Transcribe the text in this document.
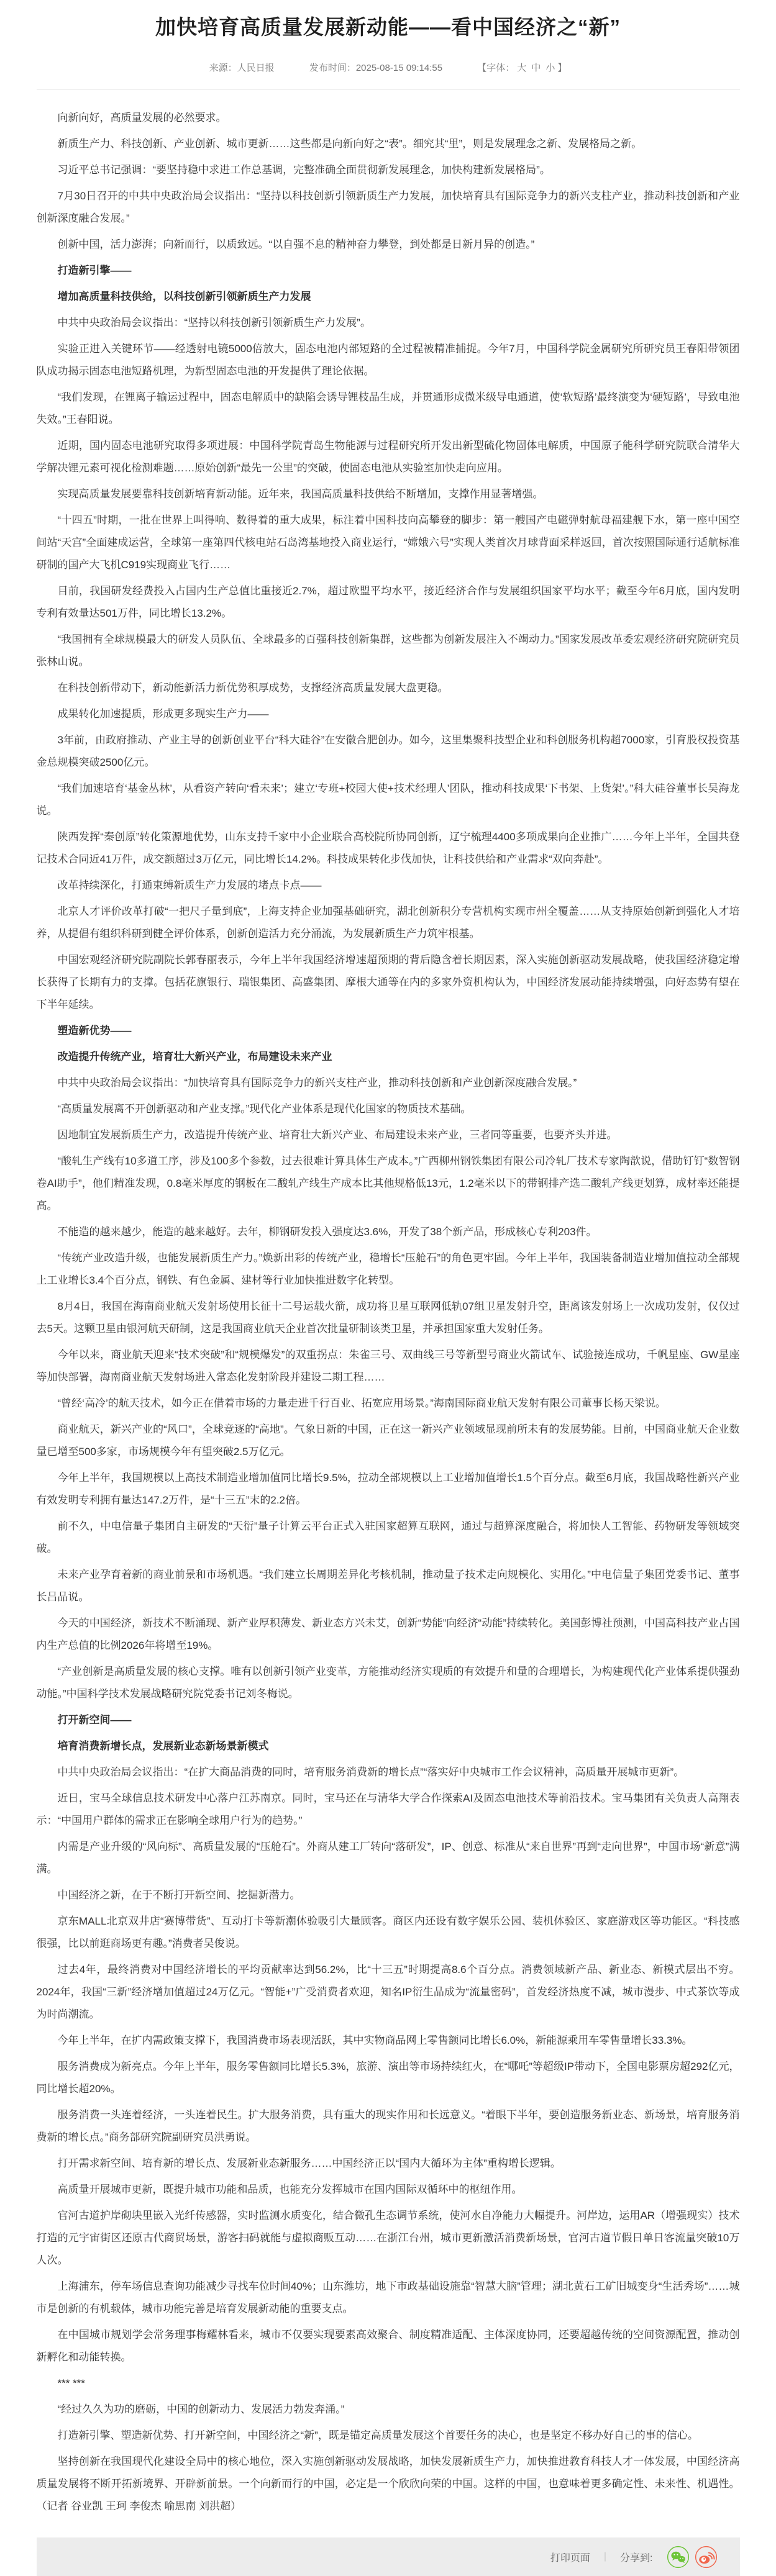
加快培育高质量发展新动能——看中国经济之“新”
来源：人民日报	发布时间：2025-08-15 09:14:55	【字体： 大 中 小 】

向新向好，高质量发展的必然要求。

新质生产力、科技创新、产业创新、城市更新……这些都是向新向好之“表”。细究其“里”，则是发展理念之新、发展格局之新。

习近平总书记强调：“要坚持稳中求进工作总基调，完整准确全面贯彻新发展理念，加快构建新发展格局”。

7月30日召开的中共中央政治局会议指出：“坚持以科技创新引领新质生产力发展，加快培育具有国际竞争力的新兴支柱产业，推动科技创新和产业创新深度融合发展。”

创新中国，活力澎湃；向新而行，以质致远。“以自强不息的精神奋力攀登，到处都是日新月异的创造。”

打造新引擎——

增加高质量科技供给，以科技创新引领新质生产力发展

中共中央政治局会议指出：“坚持以科技创新引领新质生产力发展”。

实验正进入关键环节——经透射电镜5000倍放大，固态电池内部短路的全过程被精准捕捉。今年7月，中国科学院金属研究所研究员王春阳带领团队成功揭示固态电池短路机理，为新型固态电池的开发提供了理论依据。

“我们发现，在锂离子输运过程中，固态电解质中的缺陷会诱导锂枝晶生成，并贯通形成微米级导电通道，使‘软短路’最终演变为‘硬短路’，导致电池失效。”王春阳说。

近期，国内固态电池研究取得多项进展：中国科学院青岛生物能源与过程研究所开发出新型硫化物固体电解质，中国原子能科学研究院联合清华大学解决锂元素可视化检测难题……原始创新“最先一公里”的突破，使固态电池从实验室加快走向应用。

实现高质量发展要靠科技创新培育新动能。近年来，我国高质量科技供给不断增加，支撑作用显著增强。

“十四五”时期，一批在世界上叫得响、数得着的重大成果，标注着中国科技向高攀登的脚步：第一艘国产电磁弹射航母福建舰下水，第一座中国空间站“天宫”全面建成运营，全球第一座第四代核电站石岛湾基地投入商业运行，“嫦娥六号”实现人类首次月球背面采样返回，首次按照国际通行适航标准研制的国产大飞机C919实现商业飞行……

目前，我国研发经费投入占国内生产总值比重接近2.7%，超过欧盟平均水平，接近经济合作与发展组织国家平均水平；截至今年6月底，国内发明专利有效量达501万件，同比增长13.2%。

“我国拥有全球规模最大的研发人员队伍、全球最多的百强科技创新集群，这些都为创新发展注入不竭动力。”国家发展改革委宏观经济研究院研究员张林山说。

在科技创新带动下，新动能新活力新优势积厚成势，支撑经济高质量发展大盘更稳。

成果转化加速提质，形成更多现实生产力——

3年前，由政府推动、产业主导的创新创业平台“科大硅谷”在安徽合肥创办。如今，这里集聚科技型企业和科创服务机构超7000家，引育股权投资基金总规模突破2500亿元。

“我们加速培育‘基金丛林’，从看资产转向‘看未来’；建立‘专班+校园大使+技术经理人’团队，推动科技成果‘下书架、上货架’。”科大硅谷董事长吴海龙说。

陕西发挥“秦创原”转化策源地优势，山东支持千家中小企业联合高校院所协同创新，辽宁梳理4400多项成果向企业推广……今年上半年，全国共登记技术合同近41万件，成交额超过3万亿元，同比增长14.2%。科技成果转化步伐加快，让科技供给和产业需求“双向奔赴”。

改革持续深化，打通束缚新质生产力发展的堵点卡点——

北京人才评价改革打破“一把尺子量到底”，上海支持企业加强基础研究，湖北创新积分专营机构实现市州全覆盖……从支持原始创新到强化人才培养，从提倡有组织科研到健全评价体系，创新创造活力充分涌流，为发展新质生产力筑牢根基。

中国宏观经济研究院副院长郭春丽表示，今年上半年我国经济增速超预期的背后隐含着长期因素，深入实施创新驱动发展战略，使我国经济稳定增长获得了长期有力的支撑。包括花旗银行、瑞银集团、高盛集团、摩根大通等在内的多家外资机构认为，中国经济发展动能持续增强，向好态势有望在下半年延续。

塑造新优势——

改造提升传统产业，培育壮大新兴产业，布局建设未来产业

中共中央政治局会议指出：“加快培育具有国际竞争力的新兴支柱产业，推动科技创新和产业创新深度融合发展。”

“高质量发展离不开创新驱动和产业支撑。”现代化产业体系是现代化国家的物质技术基础。

因地制宜发展新质生产力，改造提升传统产业、培育壮大新兴产业、布局建设未来产业，三者同等重要，也要齐头并进。

“酸轧生产线有10多道工序，涉及100多个参数，过去很难计算具体生产成本。”广西柳州钢铁集团有限公司冷轧厂技术专家陶歆说，借助钉钉“数智钢卷AI助手”，他们精准发现，0.8毫米厚度的钢板在二酸轧产线生产成本比其他规格低13元，1.2毫米以下的带钢排产选二酸轧产线更划算，成材率还能提高。

不能造的越来越少，能造的越来越好。去年，柳钢研发投入强度达3.6%，开发了38个新产品，形成核心专利203件。

“传统产业改造升级，也能发展新质生产力。”焕新出彩的传统产业，稳增长“压舱石”的角色更牢固。今年上半年，我国装备制造业增加值拉动全部规上工业增长3.4个百分点，钢铁、有色金属、建材等行业加快推进数字化转型。

8月4日，我国在海南商业航天发射场使用长征十二号运载火箭，成功将卫星互联网低轨07组卫星发射升空，距离该发射场上一次成功发射，仅仅过去5天。这颗卫星由银河航天研制，这是我国商业航天企业首次批量研制该类卫星，并承担国家重大发射任务。

今年以来，商业航天迎来“技术突破”和“规模爆发”的双重拐点：朱雀三号、双曲线三号等新型号商业火箭试车、试验接连成功，千帆星座、GW星座等加快部署，海南商业航天发射场进入常态化发射阶段并建设二期工程……

“曾经‘高冷’的航天技术，如今正在借着市场的力量走进千行百业、拓宽应用场景。”海南国际商业航天发射有限公司董事长杨天梁说。

商业航天，新兴产业的“风口”，全球竞逐的“高地”。气象日新的中国，正在这一新兴产业领域显现前所未有的发展势能。目前，中国商业航天企业数量已增至500多家，市场规模今年有望突破2.5万亿元。

今年上半年，我国规模以上高技术制造业增加值同比增长9.5%，拉动全部规模以上工业增加值增长1.5个百分点。截至6月底，我国战略性新兴产业有效发明专利拥有量达147.2万件，是“十三五”末的2.2倍。

前不久，中电信量子集团自主研发的“天衍”量子计算云平台正式入驻国家超算互联网，通过与超算深度融合，将加快人工智能、药物研发等领域突破。

未来产业孕育着新的商业前景和市场机遇。“我们建立长周期差异化考核机制，推动量子技术走向规模化、实用化。”中电信量子集团党委书记、董事长吕品说。

今天的中国经济，新技术不断涌现、新产业厚积薄发、新业态方兴未艾，创新“势能”向经济“动能”持续转化。美国彭博社预测，中国高科技产业占国内生产总值的比例2026年将增至19%。

“产业创新是高质量发展的核心支撑。唯有以创新引领产业变革，方能推动经济实现质的有效提升和量的合理增长，为构建现代化产业体系提供强劲动能。”中国科学技术发展战略研究院党委书记刘冬梅说。

打开新空间——

培育消费新增长点，发展新业态新场景新模式

中共中央政治局会议指出：“在扩大商品消费的同时，培育服务消费新的增长点”“落实好中央城市工作会议精神，高质量开展城市更新”。

近日，宝马全球信息技术研发中心落户江苏南京。同时，宝马还在与清华大学合作探索AI及固态电池技术等前沿技术。宝马集团有关负责人高翔表示：“中国用户群体的需求正在影响全球用户行为的趋势。”

内需是产业升级的“风向标”、高质量发展的“压舱石”。外商从建工厂转向“落研发”，IP、创意、标准从“来自世界”再到“走向世界”，中国市场“新意”满满。

中国经济之新，在于不断打开新空间、挖掘新潜力。

京东MALL北京双井店“赛博带货”、互动打卡等新潮体验吸引大量顾客。商区内还设有数字娱乐公园、装机体验区、家庭游戏区等功能区。“科技感很强，比以前逛商场更有趣。”消费者吴俊说。

过去4年，最终消费对中国经济增长的平均贡献率达到56.2%，比“十三五”时期提高8.6个百分点。消费领域新产品、新业态、新模式层出不穷。2024年，我国“三新”经济增加值超过24万亿元。“智能+”广受消费者欢迎，知名IP衍生品成为“流量密码”，首发经济热度不减，城市漫步、中式茶饮等成为时尚潮流。

今年上半年，在扩内需政策支撑下，我国消费市场表现活跃，其中实物商品网上零售额同比增长6.0%，新能源乘用车零售量增长33.3%。

服务消费成为新亮点。今年上半年，服务零售额同比增长5.3%，旅游、演出等市场持续红火，在“哪吒”等超级IP带动下，全国电影票房超292亿元，同比增长超20%。

服务消费一头连着经济，一头连着民生。扩大服务消费，具有重大的现实作用和长远意义。“着眼下半年，要创造服务新业态、新场景，培育服务消费新的增长点。”商务部研究院副研究员洪勇说。

打开需求新空间、培育新的增长点、发展新业态新服务……中国经济正以“国内大循环为主体”重构增长逻辑。

高质量开展城市更新，既提升城市功能和品质，也能充分发挥城市在国内国际双循环中的枢纽作用。

官河古道护岸砌块里嵌入光纤传感器，实时监测水质变化，结合微孔生态调节系统，使河水自净能力大幅提升。河岸边，运用AR（增强现实）技术打造的元宇宙街区还原古代商贸场景，游客扫码就能与虚拟商贩互动……在浙江台州，城市更新激活消费新场景，官河古道节假日单日客流量突破10万人次。

上海浦东，停车场信息查询功能减少寻找车位时间40%；山东潍坊，地下市政基础设施靠“智慧大脑”管理；湖北黄石工矿旧城变身“生活秀场”……城市是创新的有机载体，城市功能完善是培育发展新动能的重要支点。

在中国城市规划学会常务理事梅耀林看来，城市不仅要实现要素高效聚合、制度精准适配、主体深度协同，还要超越传统的空间资源配置，推动创新孵化和动能转换。

*** ***

“经过久久为功的磨砺，中国的创新动力、发展活力勃发奔涌。”

打造新引擎、塑造新优势、打开新空间，中国经济之“新”，既是锚定高质量发展这个首要任务的决心，也是坚定不移办好自己的事的信心。

坚持创新在我国现代化建设全局中的核心地位，深入实施创新驱动发展战略，加快发展新质生产力，加快推进教育科技人才一体发展，中国经济高质量发展将不断开拓新境界、开辟新前景。一个向新而行的中国，必定是一个欣欣向荣的中国。这样的中国，也意味着更多确定性、未来性、机遇性。（记者 谷业凯 王珂 李俊杰 喻思南 刘洪超）

打印页面 | 分享到:
